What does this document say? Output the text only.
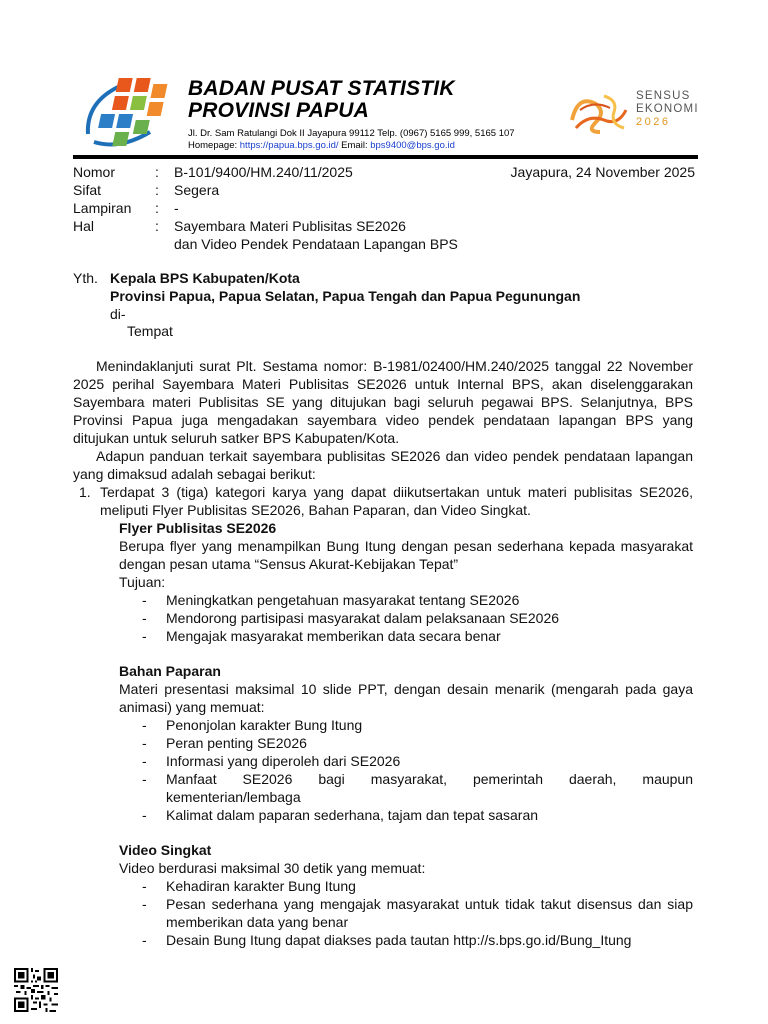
BADAN PUSAT STATISTIK
PROVINSI PAPUA
Jl. Dr. Sam Ratulangi Dok II Jayapura 99112 Telp. (0967) 5165 999, 5165 107
Homepage: https://papua.bps.go.id/ Email: bps9400@bps.go.id
SENSUS
EKONOMI
2026
Jayapura, 24 November 2025
Nomor	: B-101/9400/HM.240/11/2025
Sifat	: Segera
Lampiran : -
Hal	: Sayembara Materi Publisitas SE2026
dan Video Pendek Pendataan Lapangan BPS
Yth. Kepala BPS Kabupaten/Kota
Provinsi Papua, Papua Selatan, Papua Tengah dan Papua Pegunungan
di-
Tempat

Menindaklanjuti surat Plt. Sestama nomor: B-1981/02400/HM.240/2025 tanggal 22 November 2025 perihal Sayembara Materi Publisitas SE2026 untuk Internal BPS, akan diselenggarakan Sayembara materi Publisitas SE yang ditujukan bagi seluruh pegawai BPS. Selanjutnya, BPS Provinsi Papua juga mengadakan sayembara video pendek pendataan lapangan BPS yang ditujukan untuk seluruh satker BPS Kabupaten/Kota.

Adapun panduan terkait sayembara publisitas SE2026 dan video pendek pendataan lapangan yang dimaksud adalah sebagai berikut:

1. Terdapat 3 (tiga) kategori karya yang dapat diikutsertakan untuk materi publisitas SE2026, meliputi Flyer Publisitas SE2026, Bahan Paparan, dan Video Singkat.
Flyer Publisitas SE2026
Berupa flyer yang menampilkan Bung Itung dengan pesan sederhana kepada masyarakat dengan pesan utama “Sensus Akurat-Kebijakan Tepat”
Tujuan:
- Meningkatkan pengetahuan masyarakat tentang SE2026
- Mendorong partisipasi masyarakat dalam pelaksanaan SE2026
- Mengajak masyarakat memberikan data secara benar
Bahan Paparan
Materi presentasi maksimal 10 slide PPT, dengan desain menarik (mengarah pada gaya animasi) yang memuat:
- Penonjolan karakter Bung Itung
- Peran penting SE2026
- Informasi yang diperoleh dari SE2026
- Manfaat SE2026 bagi masyarakat, pemerintah daerah, maupun kementerian/lembaga
- Kalimat dalam paparan sederhana, tajam dan tepat sasaran
Video Singkat
Video berdurasi maksimal 30 detik yang memuat:
- Kehadiran karakter Bung Itung
- Pesan sederhana yang mengajak masyarakat untuk tidak takut disensus dan siap memberikan data yang benar
- Desain Bung Itung dapat diakses pada tautan http://s.bps.go.id/Bung_Itung
